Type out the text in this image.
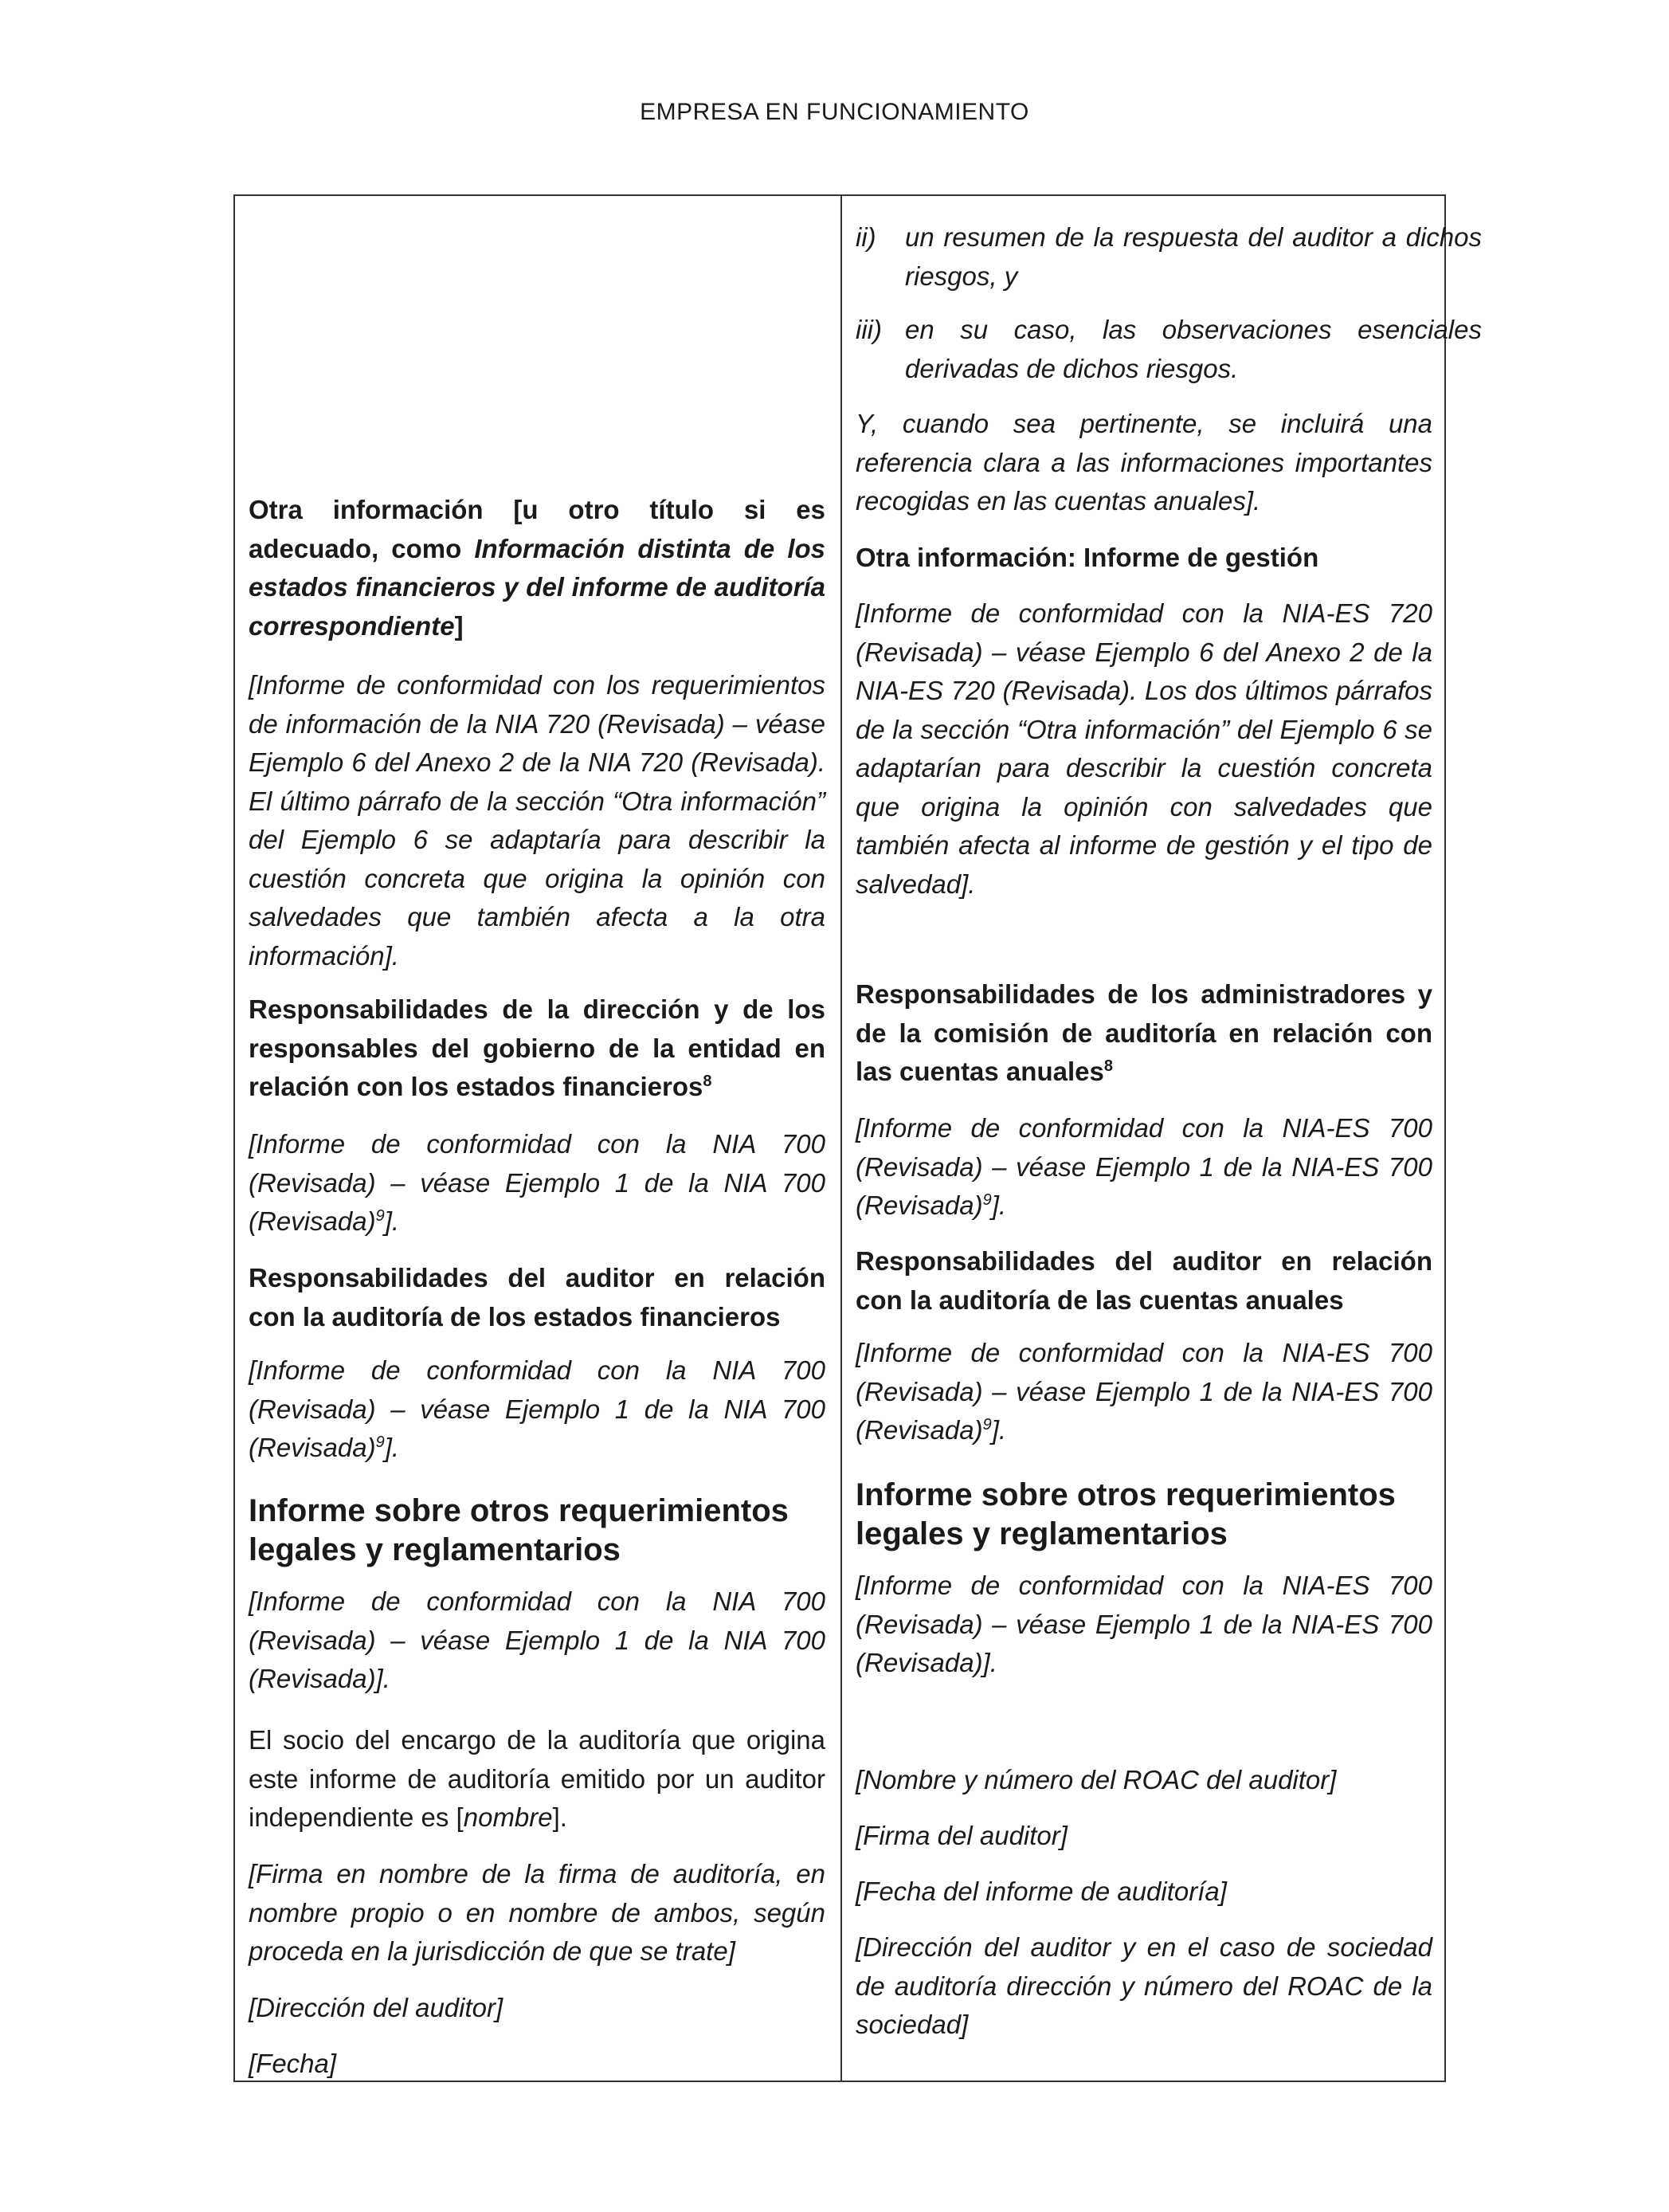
EMPRESA EN FUNCIONAMIENTO

Otra información [u otro título si es adecuado, como Información distinta de los estados financieros y del informe de auditoría correspondiente]

[Informe de conformidad con los requerimientos de información de la NIA 720 (Revisada) – véase Ejemplo 6 del Anexo 2 de la NIA 720 (Revisada). El último párrafo de la sección “Otra información” del Ejemplo 6 se adaptaría para describir la cuestión concreta que origina la opinión con salvedades que también afecta a la otra información].

Responsabilidades de la dirección y de los responsables del gobierno de la entidad en relación con los estados financieros$^8$

[Informe de conformidad con la NIA 700 (Revisada) – véase Ejemplo 1 de la NIA 700 (Revisada)$^9$].

Responsabilidades del auditor en relación con la auditoría de los estados financieros

[Informe de conformidad con la NIA 700 (Revisada) – véase Ejemplo 1 de la NIA 700 (Revisada)$^9$].

Informe sobre otros requerimientos legales y reglamentarios

[Informe de conformidad con la NIA 700 (Revisada) – véase Ejemplo 1 de la NIA 700 (Revisada)].

El socio del encargo de la auditoría que origina este informe de auditoría emitido por un auditor independiente es [nombre].

[Firma en nombre de la firma de auditoría, en nombre propio o en nombre de ambos, según proceda en la jurisdicción de que se trate]

[Dirección del auditor]

[Fecha]

ii) un resumen de la respuesta del auditor a dichos riesgos, y

iii) en su caso, las observaciones esenciales derivadas de dichos riesgos.

Y, cuando sea pertinente, se incluirá una referencia clara a las informaciones importantes recogidas en las cuentas anuales].

Otra información: Informe de gestión

[Informe de conformidad con la NIA-ES 720 (Revisada) – véase Ejemplo 6 del Anexo 2 de la NIA-ES 720 (Revisada). Los dos últimos párrafos de la sección “Otra información” del Ejemplo 6 se adaptarían para describir la cuestión concreta que origina la opinión con salvedades que también afecta al informe de gestión y el tipo de salvedad].

Responsabilidades de los administradores y de la comisión de auditoría en relación con las cuentas anuales$^8$

[Informe de conformidad con la NIA-ES 700 (Revisada) – véase Ejemplo 1 de la NIA-ES 700 (Revisada)$^9$].

Responsabilidades del auditor en relación con la auditoría de las cuentas anuales

[Informe de conformidad con la NIA-ES 700 (Revisada) – véase Ejemplo 1 de la NIA-ES 700 (Revisada)$^9$].

Informe sobre otros requerimientos legales y reglamentarios

[Informe de conformidad con la NIA-ES 700 (Revisada) – véase Ejemplo 1 de la NIA-ES 700 (Revisada)].

[Nombre y número del ROAC del auditor]

[Firma del auditor]

[Fecha del informe de auditoría]

[Dirección del auditor y en el caso de sociedad de auditoría dirección y número del ROAC de la sociedad]
